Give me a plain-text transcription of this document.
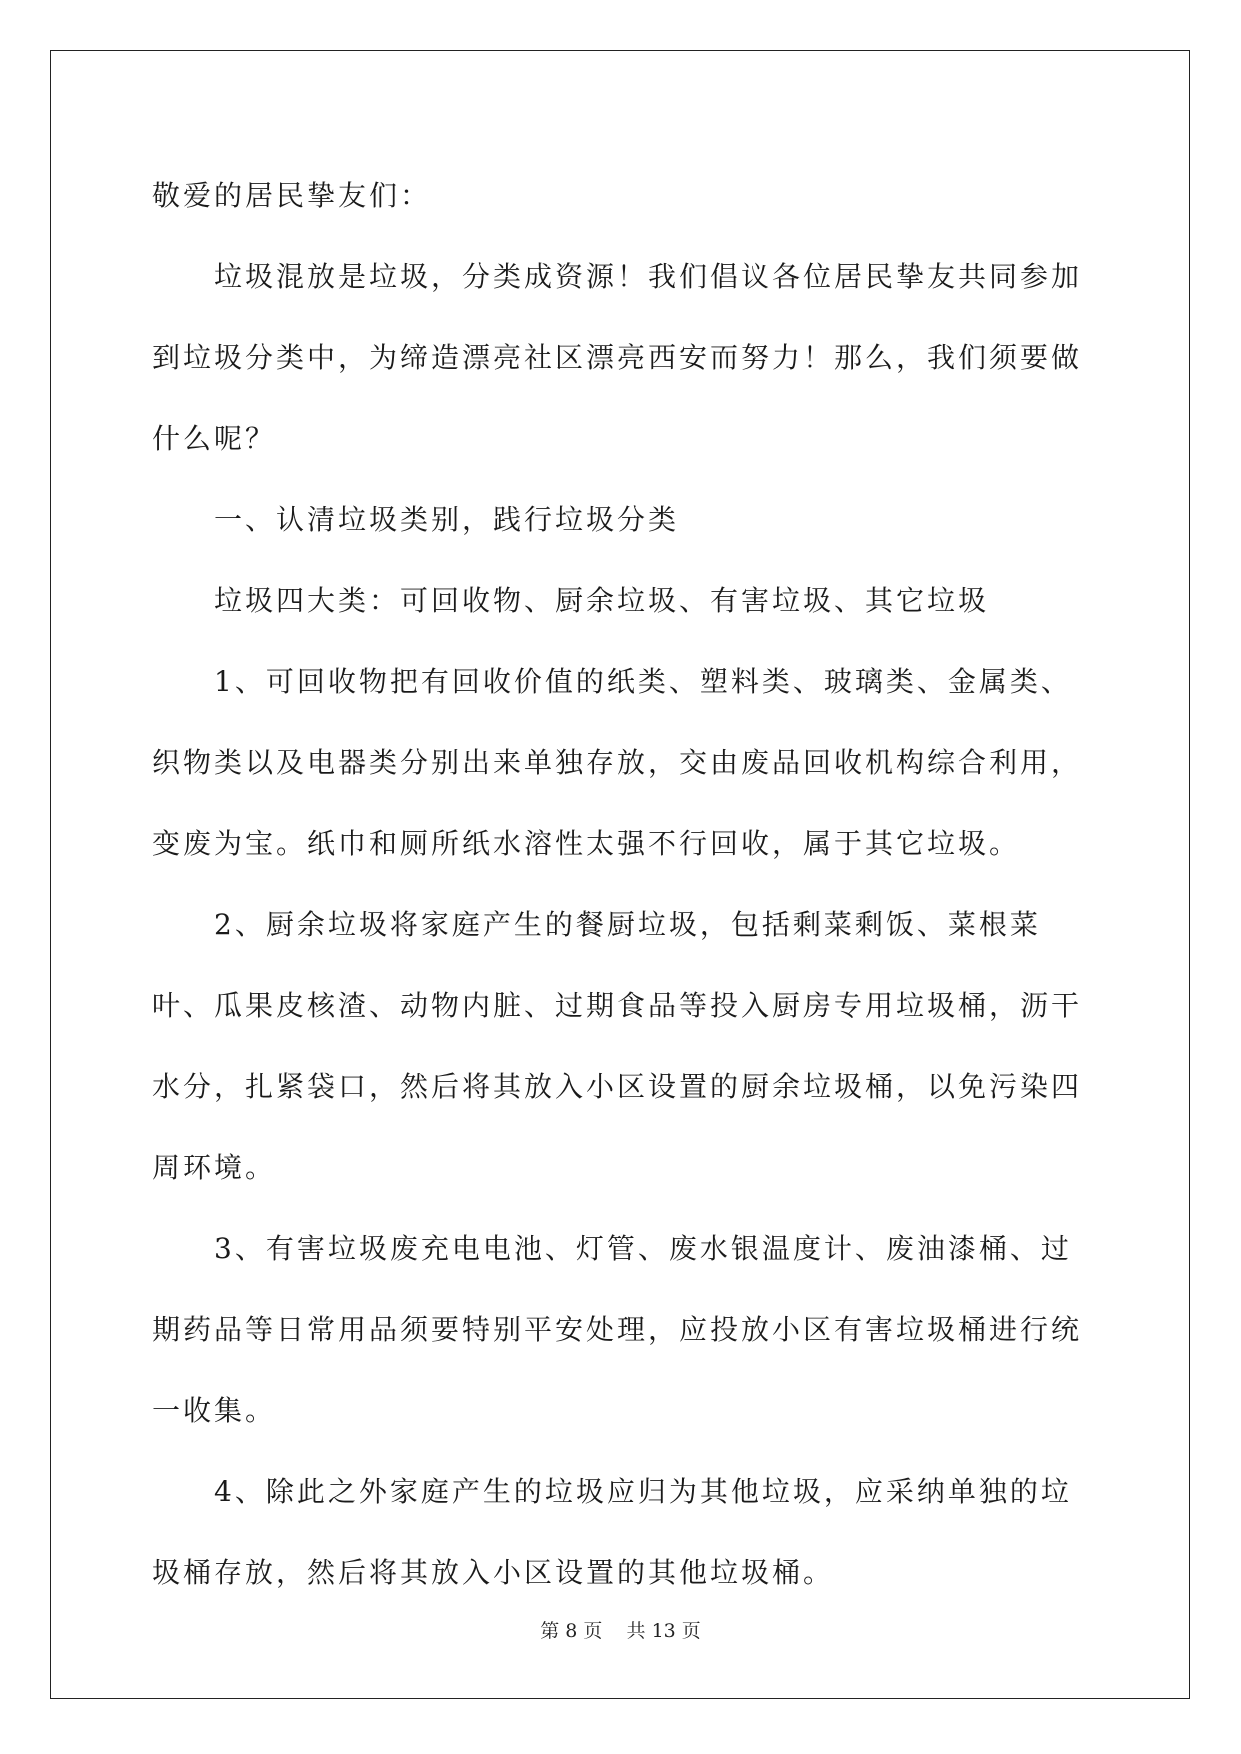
敬爱的居民挚友们：

垃圾混放是垃圾，分类成资源！我们倡议各位居民挚友共同参加到垃圾分类中，为缔造漂亮社区漂亮西安而努力！那么，我们须要做什么呢？

一、认清垃圾类别，践行垃圾分类

垃圾四大类：可回收物、厨余垃圾、有害垃圾、其它垃圾

1、可回收物把有回收价值的纸类、塑料类、玻璃类、金属类、织物类以及电器类分别出来单独存放，交由废品回收机构综合利用，变废为宝。纸巾和厕所纸水溶性太强不行回收，属于其它垃圾。

2、厨余垃圾将家庭产生的餐厨垃圾，包括剩菜剩饭、菜根菜叶、瓜果皮核渣、动物内脏、过期食品等投入厨房专用垃圾桶，沥干水分，扎紧袋口，然后将其放入小区设置的厨余垃圾桶，以免污染四周环境。

3、有害垃圾废充电电池、灯管、废水银温度计、废油漆桶、过期药品等日常用品须要特别平安处理，应投放小区有害垃圾桶进行统一收集。

4、除此之外家庭产生的垃圾应归为其他垃圾，应采纳单独的垃圾桶存放，然后将其放入小区设置的其他垃圾桶。

第 8 页    共 13 页
